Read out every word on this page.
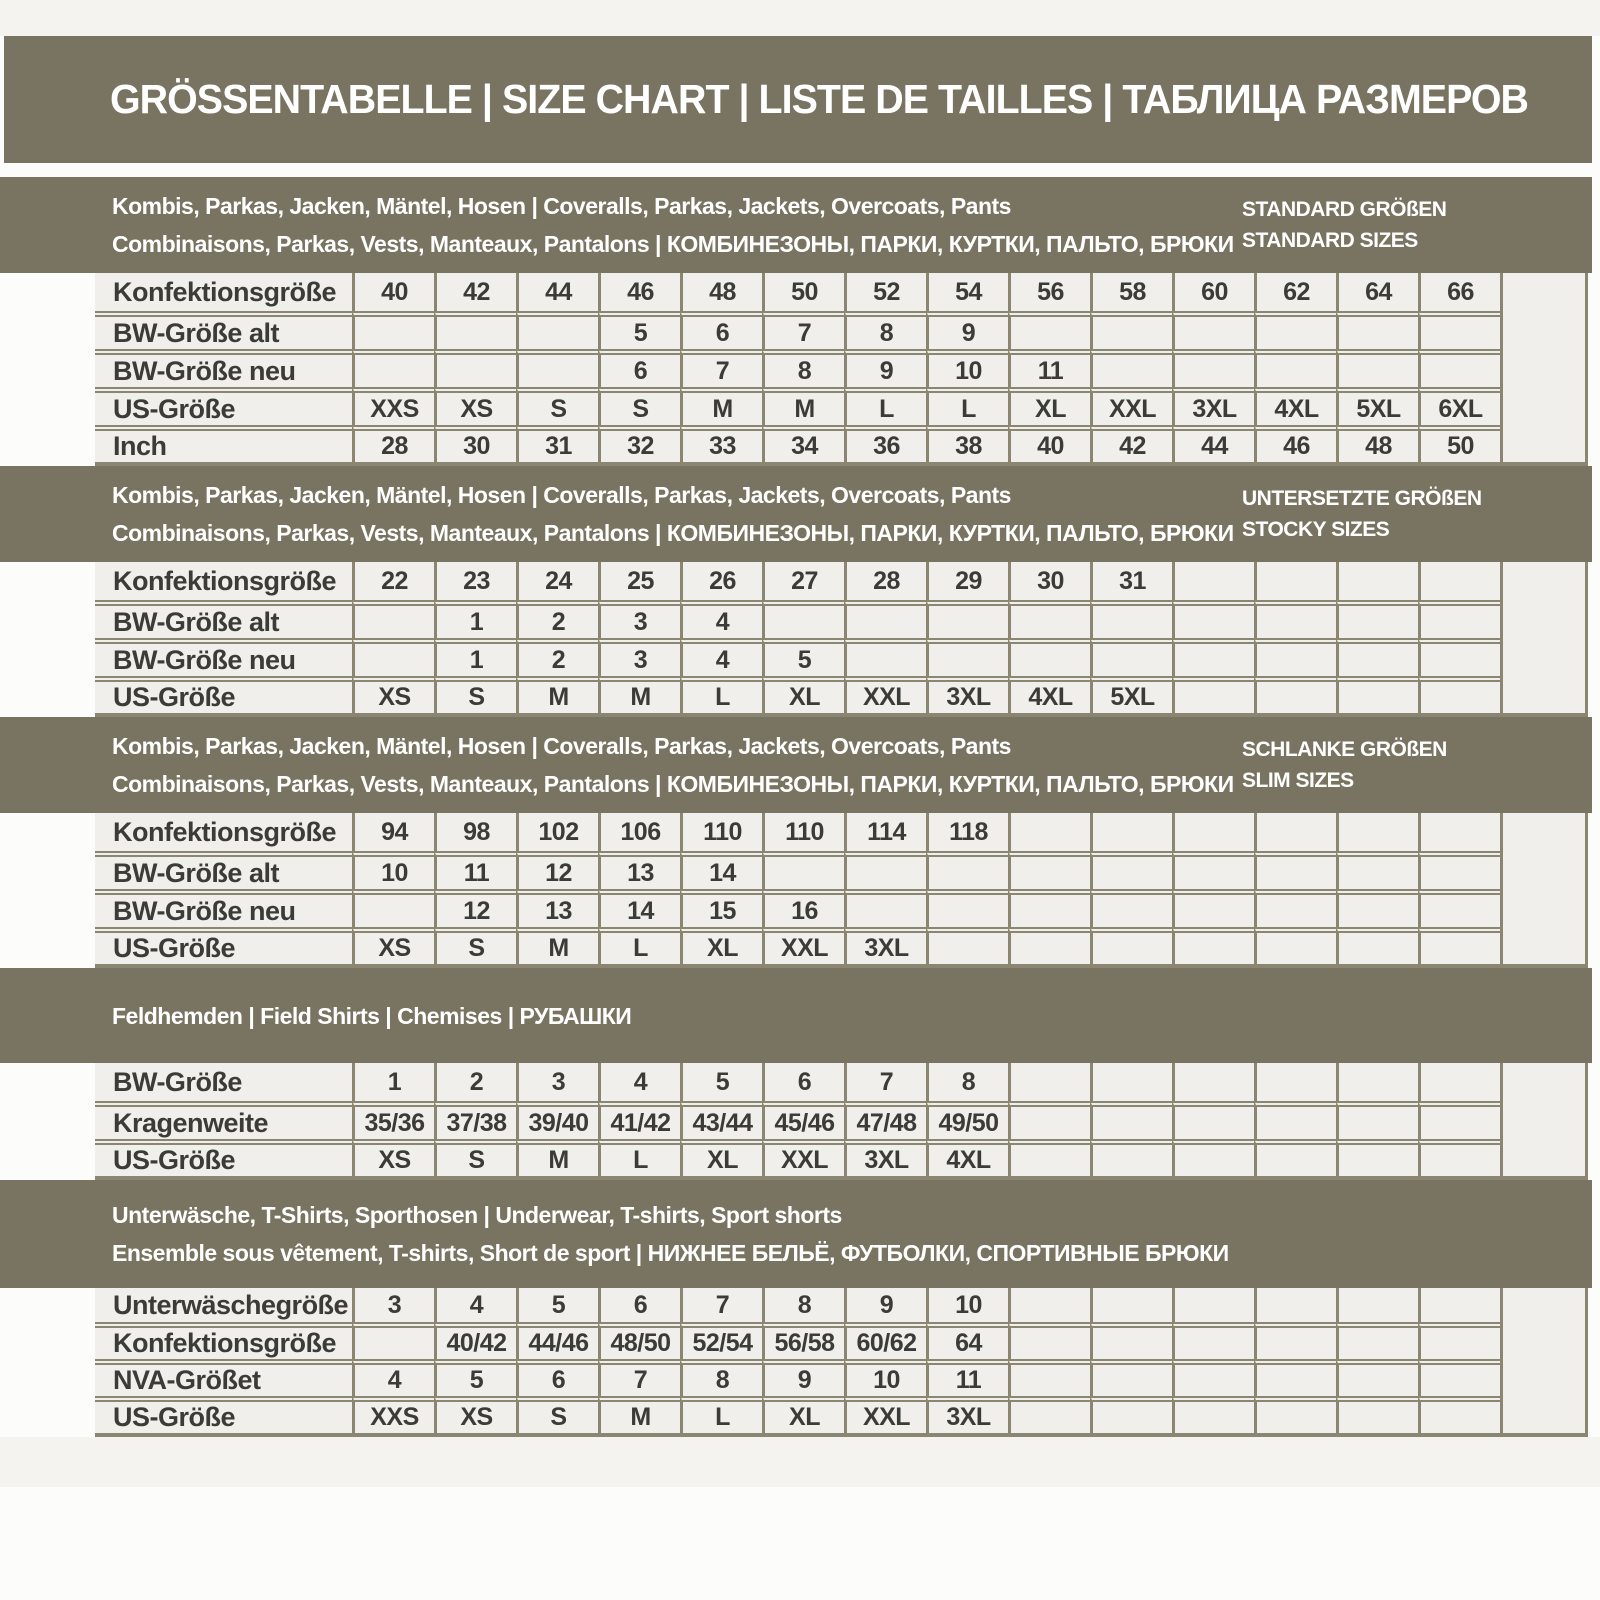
GRÖSSENTABELLE | SIZE CHART | LISTE DE TAILLES | ТАБЛИЦА РАЗМЕРОВ
Kombis, Parkas, Jacken, Mäntel, Hosen | Coveralls, Parkas, Jackets, Overcoats, Pants
Combinaisons, Parkas, Vests, Manteaux, Pantalons | КОМБИНЕЗОНЫ, ПАРКИ, КУРТКИ, ПАЛЬТО, БРЮКИ
STANDARD GRÖßEN
STANDARD SIZES
Konfektionsgröße	40	42	44	46	48	50	52	54	56	58	60	62	64	66	
BW-Größe alt				5	6	7	8	9							
BW-Größe neu				6	7	8	9	10	11						
US-Größe	XXS	XS	S	S	M	M	L	L	XL	XXL	3XL	4XL	5XL	6XL	
Inch	28	30	31	32	33	34	36	38	40	42	44	46	48	50	
Kombis, Parkas, Jacken, Mäntel, Hosen | Coveralls, Parkas, Jackets, Overcoats, Pants
Combinaisons, Parkas, Vests, Manteaux, Pantalons | КОМБИНЕЗОНЫ, ПАРКИ, КУРТКИ, ПАЛЬТО, БРЮКИ
UNTERSETZTE GRÖßEN
STOCKY SIZES
Konfektionsgröße	22	23	24	25	26	27	28	29	30	31					
BW-Größe alt		1	2	3	4										
BW-Größe neu		1	2	3	4	5									
US-Größe	XS	S	M	M	L	XL	XXL	3XL	4XL	5XL					
Kombis, Parkas, Jacken, Mäntel, Hosen | Coveralls, Parkas, Jackets, Overcoats, Pants
Combinaisons, Parkas, Vests, Manteaux, Pantalons | КОМБИНЕЗОНЫ, ПАРКИ, КУРТКИ, ПАЛЬТО, БРЮКИ
SCHLANKE GRÖßEN
SLIM SIZES
Konfektionsgröße	94	98	102	106	110	110	114	118							
BW-Größe alt	10	11	12	13	14										
BW-Größe neu		12	13	14	15	16									
US-Größe	XS	S	M	L	XL	XXL	3XL								
Feldhemden | Field Shirts | Chemises | РУБАШКИ
BW-Größe	1	2	3	4	5	6	7	8							
Kragenweite	35/36	37/38	39/40	41/42	43/44	45/46	47/48	49/50							
US-Größe	XS	S	M	L	XL	XXL	3XL	4XL							
Unterwäsche, T-Shirts, Sporthosen | Underwear, T-shirts, Sport shorts
Ensemble sous vêtement, T-shirts, Short de sport | НИЖНЕЕ БЕЛЬЁ, ФУТБОЛКИ, СПОРТИВНЫЕ БРЮКИ
Unterwäschegröße	3	4	5	6	7	8	9	10							
Konfektionsgröße		40/42	44/46	48/50	52/54	56/58	60/62	64							
NVA-Größet	4	5	6	7	8	9	10	11							
US-Größe	XXS	XS	S	M	L	XL	XXL	3XL							
